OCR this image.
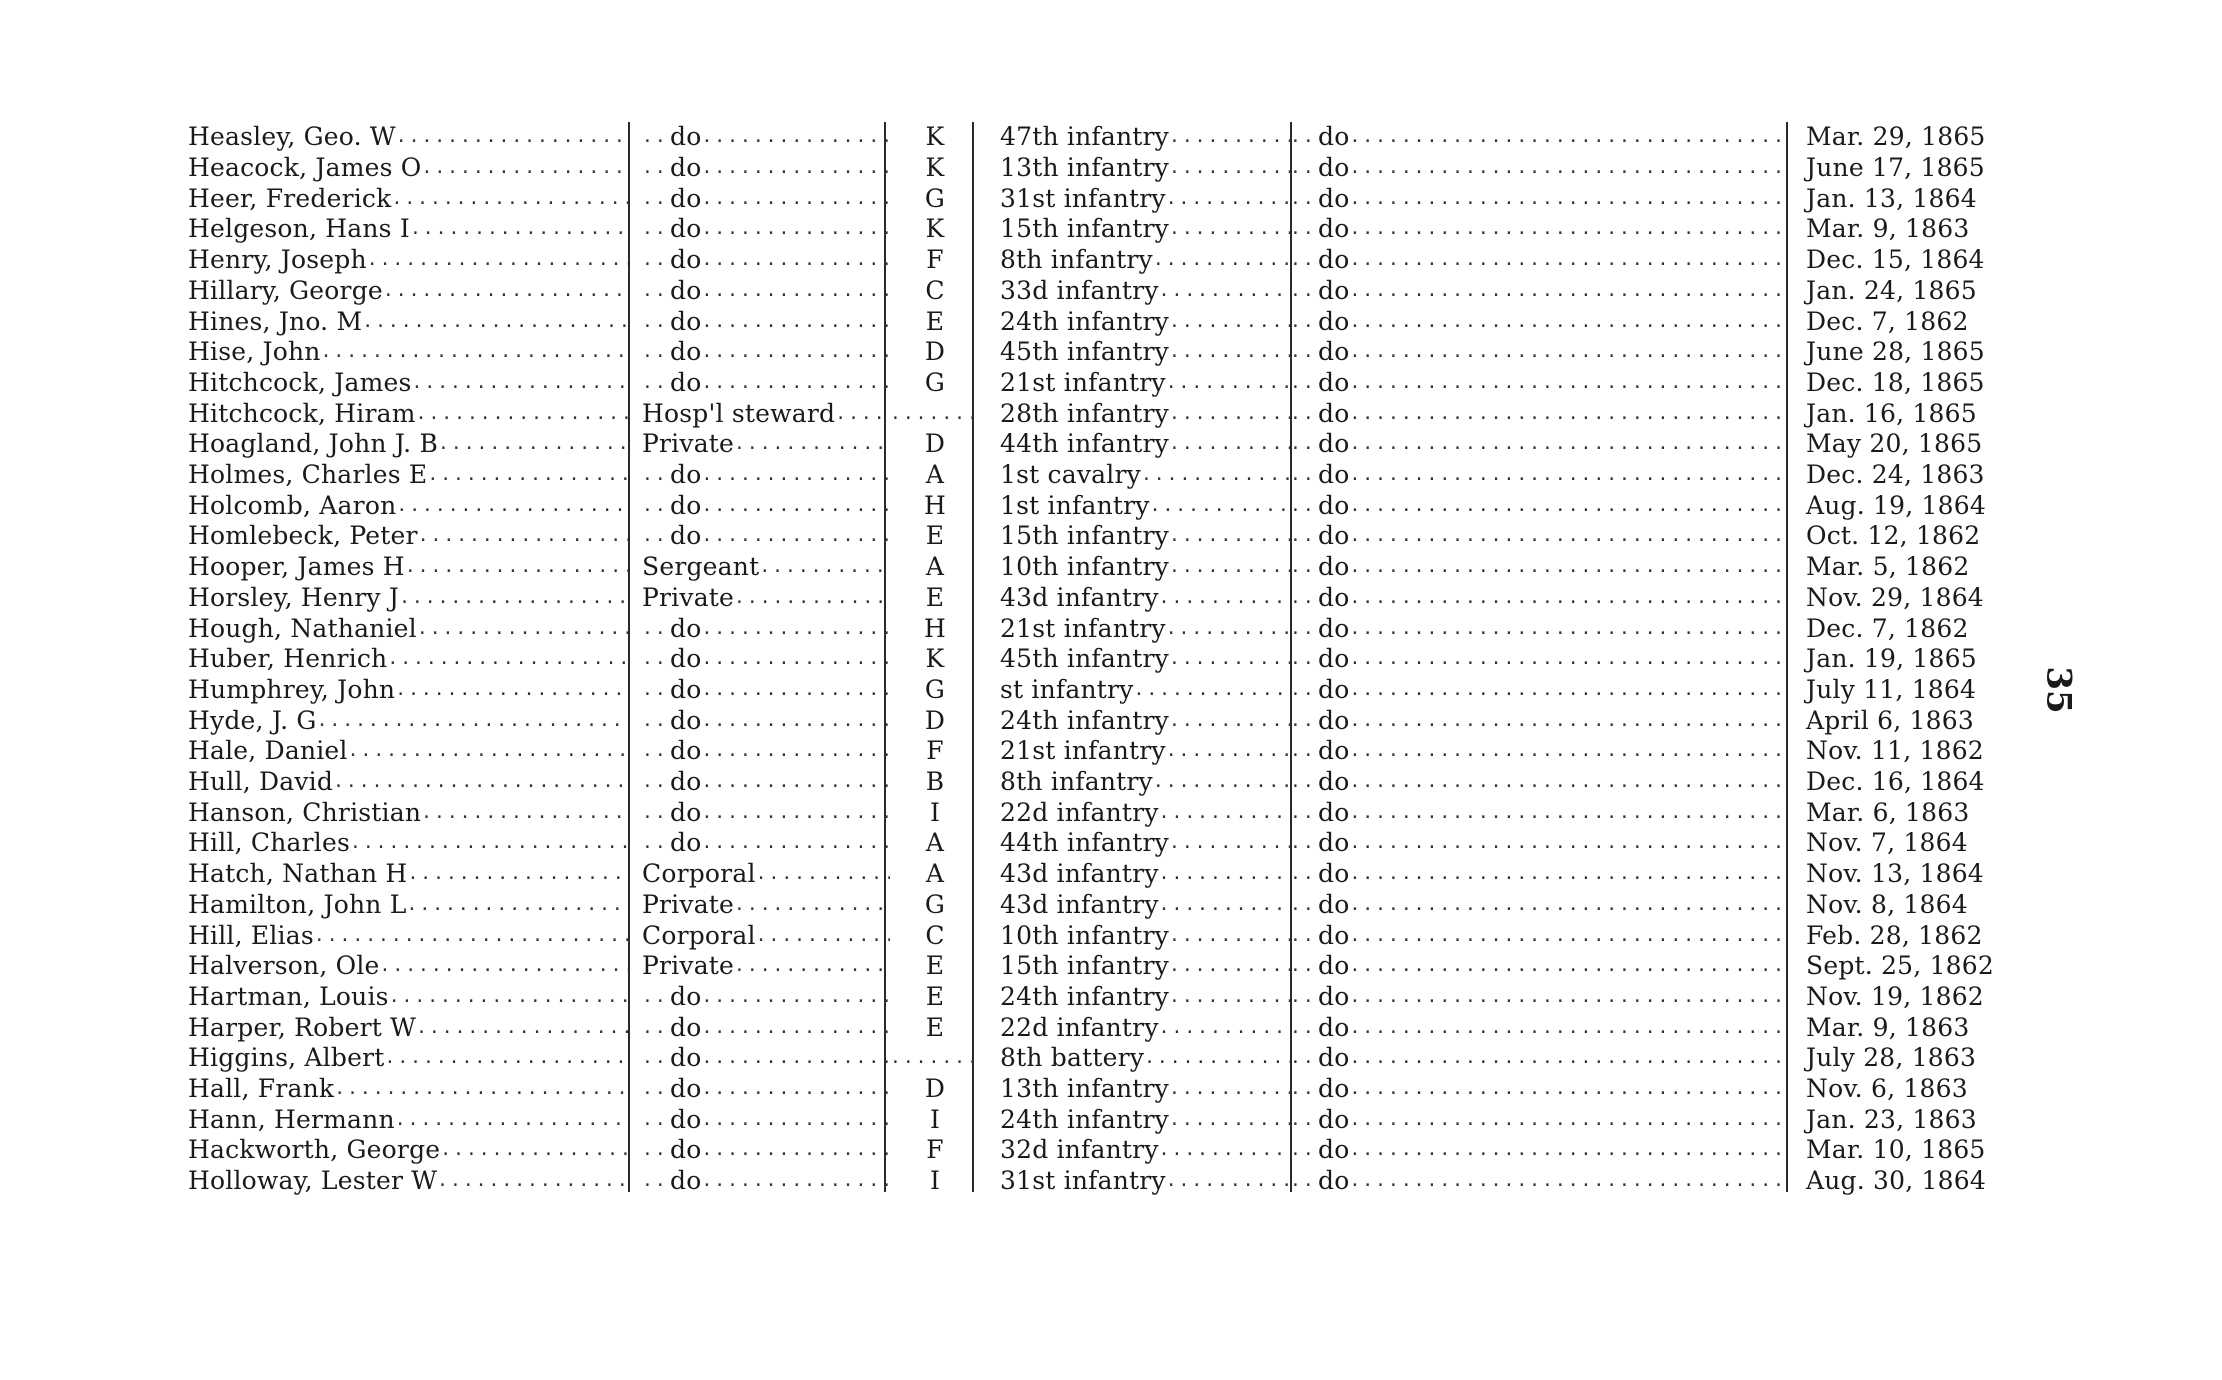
Heasley, Geo. W ..... .....	do .....	K 47th infantry ..... .....	do .....	Mar. 29, 1865
Heacock, James O ..... .....	do .....	K 13th infantry ..... .....	do .....	June 17, 1865
Heer, Frederick ..... .....	do .....	G 31st infantry ..... .....	do .....	Jan. 13, 1864
Helgeson, Hans I ..... .....	do .....	K 15th infantry ..... .....	do .....	Mar. 9, 1863
Henry, Joseph ..... .....	do .....	F 8th infantry ..... .....	do .....	Dec. 15, 1864
Hillary, George ..... .....	do .....	C 33d infantry ..... .....	do .....	Jan. 24, 1865
Hines, Jno. M ..... .....	do .....	E 24th infantry ..... .....	do .....	Dec. 7, 1862
Hise, John ..... .....	do .....	D 45th infantry ..... .....	do .....	June 28, 1865
Hitchcock, James ..... .....	do .....	G 21st infantry ..... .....	do .....	Dec. 18, 1865
Hitchcock, Hiram .....	Hosp'l steward ..... .....	28th infantry ..... .....	do .....	Jan. 16, 1865
Hoagland, John J. B .....	Private .....	D 44th infantry ..... .....	do .....	May 20, 1865
Holmes, Charles E ..... .....	do .....	A 1st cavalry ..... .....	do .....	Dec. 24, 1863
Holcomb, Aaron ..... .....	do .....	H 1st infantry ..... .....	do .....	Aug. 19, 1864
Homlebeck, Peter ..... .....	do .....	E 15th infantry ..... .....	do .....	Oct. 12, 1862
Hooper, James H .....	Sergeant .....	A 10th infantry ..... .....	do .....	Mar. 5, 1862
Horsley, Henry J .....	Private .....	E 43d infantry ..... .....	do .....	Nov. 29, 1864
Hough, Nathaniel ..... .....	do .....	H 21st infantry ..... .....	do .....	Dec. 7, 1862
Huber, Henrich ..... .....	do .....	K 45th infantry ..... .....	do .....	Jan. 19, 1865
Humphrey, John ..... .....	do .....	G st infantry ..... .....	do .....	July 11, 1864
Hyde, J. G ..... .....	do .....	D 24th infantry ..... .....	do .....	April 6, 1863
Hale, Daniel ..... .....	do .....	F 21st infantry ..... .....	do .....	Nov. 11, 1862
Hull, David ..... .....	do .....	B 8th infantry ..... .....	do .....	Dec. 16, 1864
Hanson, Christian ..... .....	do .....	I 22d infantry ..... .....	do .....	Mar. 6, 1863
Hill, Charles ..... .....	do .....	A 44th infantry ..... .....	do .....	Nov. 7, 1864
Hatch, Nathan H .....	Corporal .....	A 43d infantry ..... .....	do .....	Nov. 13, 1864
Hamilton, John L .....	Private .....	G 43d infantry ..... .....	do .....	Nov. 8, 1864
Hill, Elias .....	Corporal .....	C 10th infantry ..... .....	do .....	Feb. 28, 1862
Halverson, Ole .....	Private .....	E 15th infantry ..... .....	do .....	Sept. 25, 1862
Hartman, Louis ..... .....	do .....	E 24th infantry ..... .....	do .....	Nov. 19, 1862
Harper, Robert W ..... .....	do .....	E 22d infantry ..... .....	do .....	Mar. 9, 1863
Higgins, Albert ..... .....	do ..... .....	8th battery ..... .....	do .....	July 28, 1863
Hall, Frank ..... .....	do .....	D 13th infantry ..... .....	do .....	Nov. 6, 1863
Hann, Hermann ..... .....	do .....	I 24th infantry ..... .....	do .....	Jan. 23, 1863
Hackworth, George ..... .....	do .....	F 32d infantry ..... .....	do .....	Mar. 10, 1865
Holloway, Lester W ..... .....	do .....	I 31st infantry ..... .....	do .....	Aug. 30, 1864
35
